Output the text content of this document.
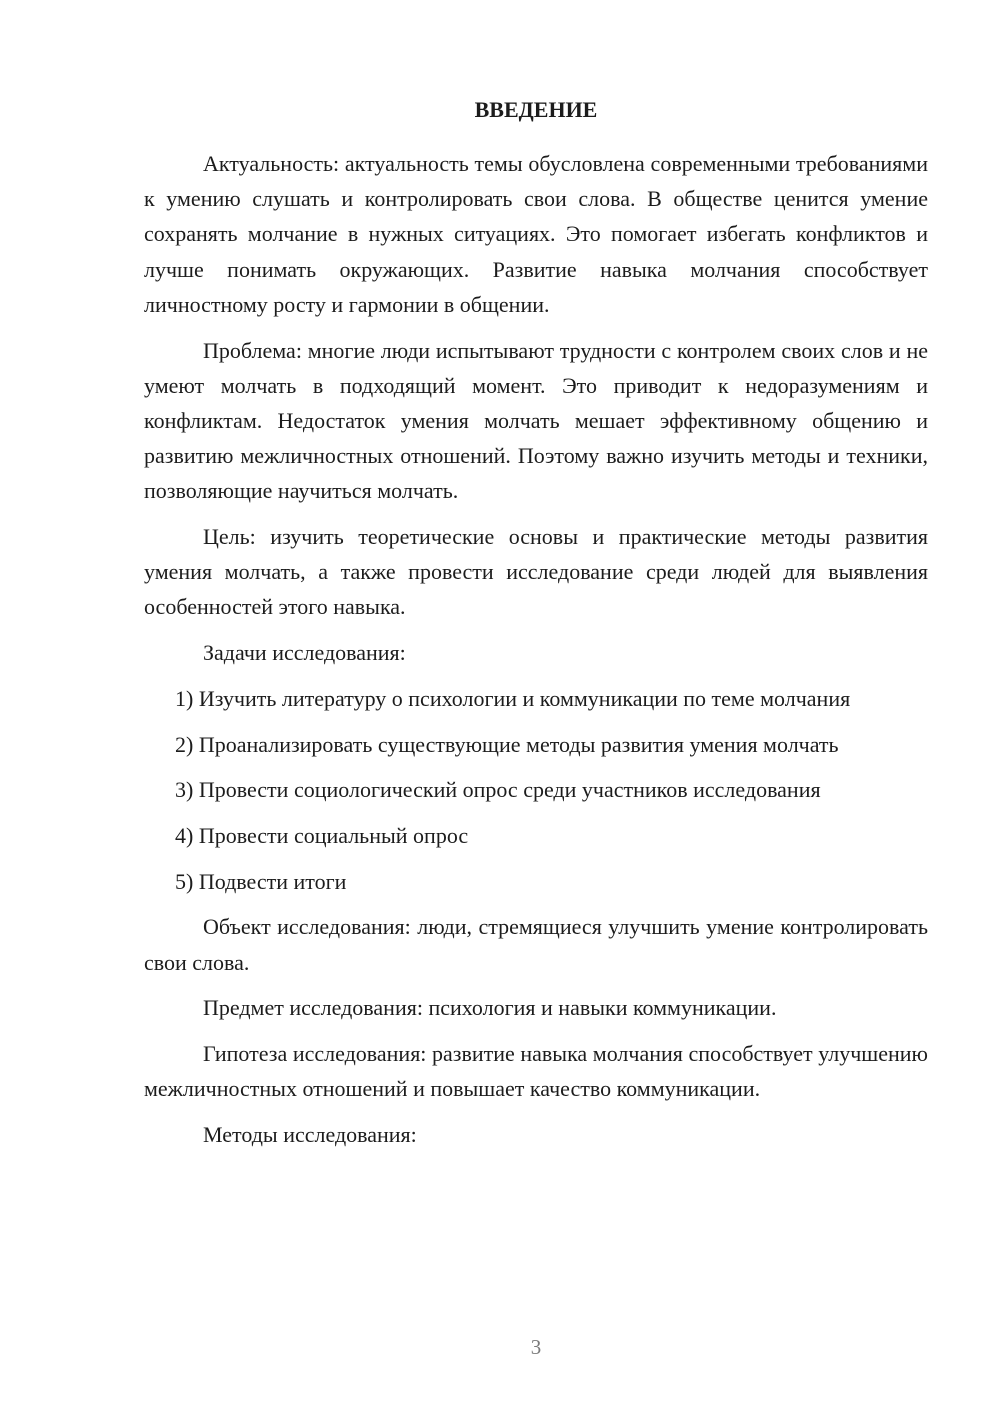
ВВЕДЕНИЕ

Актуальность: актуальность темы обусловлена современными требованиями к умению слушать и контролировать свои слова. В обществе ценится умение сохранять молчание в нужных ситуациях. Это помогает избегать конфликтов и лучше понимать окружающих. Развитие навыка молчания способствует личностному росту и гармонии в общении.

Проблема: многие люди испытывают трудности с контролем своих слов и не умеют молчать в подходящий момент. Это приводит к недоразумениям и конфликтам. Недостаток умения молчать мешает эффективному общению и развитию межличностных отношений. Поэтому важно изучить методы и техники, позволяющие научиться молчать.

Цель: изучить теоретические основы и практические методы развития умения молчать, а также провести исследование среди людей для выявления особенностей этого навыка.

Задачи исследования:

1) Изучить литературу о психологии и коммуникации по теме молчания

2) Проанализировать существующие методы развития умения молчать

3) Провести социологический опрос среди участников исследования

4) Провести социальный опрос

5) Подвести итоги

Объект исследования: люди, стремящиеся улучшить умение контролировать свои слова.

Предмет исследования: психология и навыки коммуникации.

Гипотеза исследования: развитие навыка молчания способствует улучшению межличностных отношений и повышает качество коммуникации.

Методы исследования:

3
